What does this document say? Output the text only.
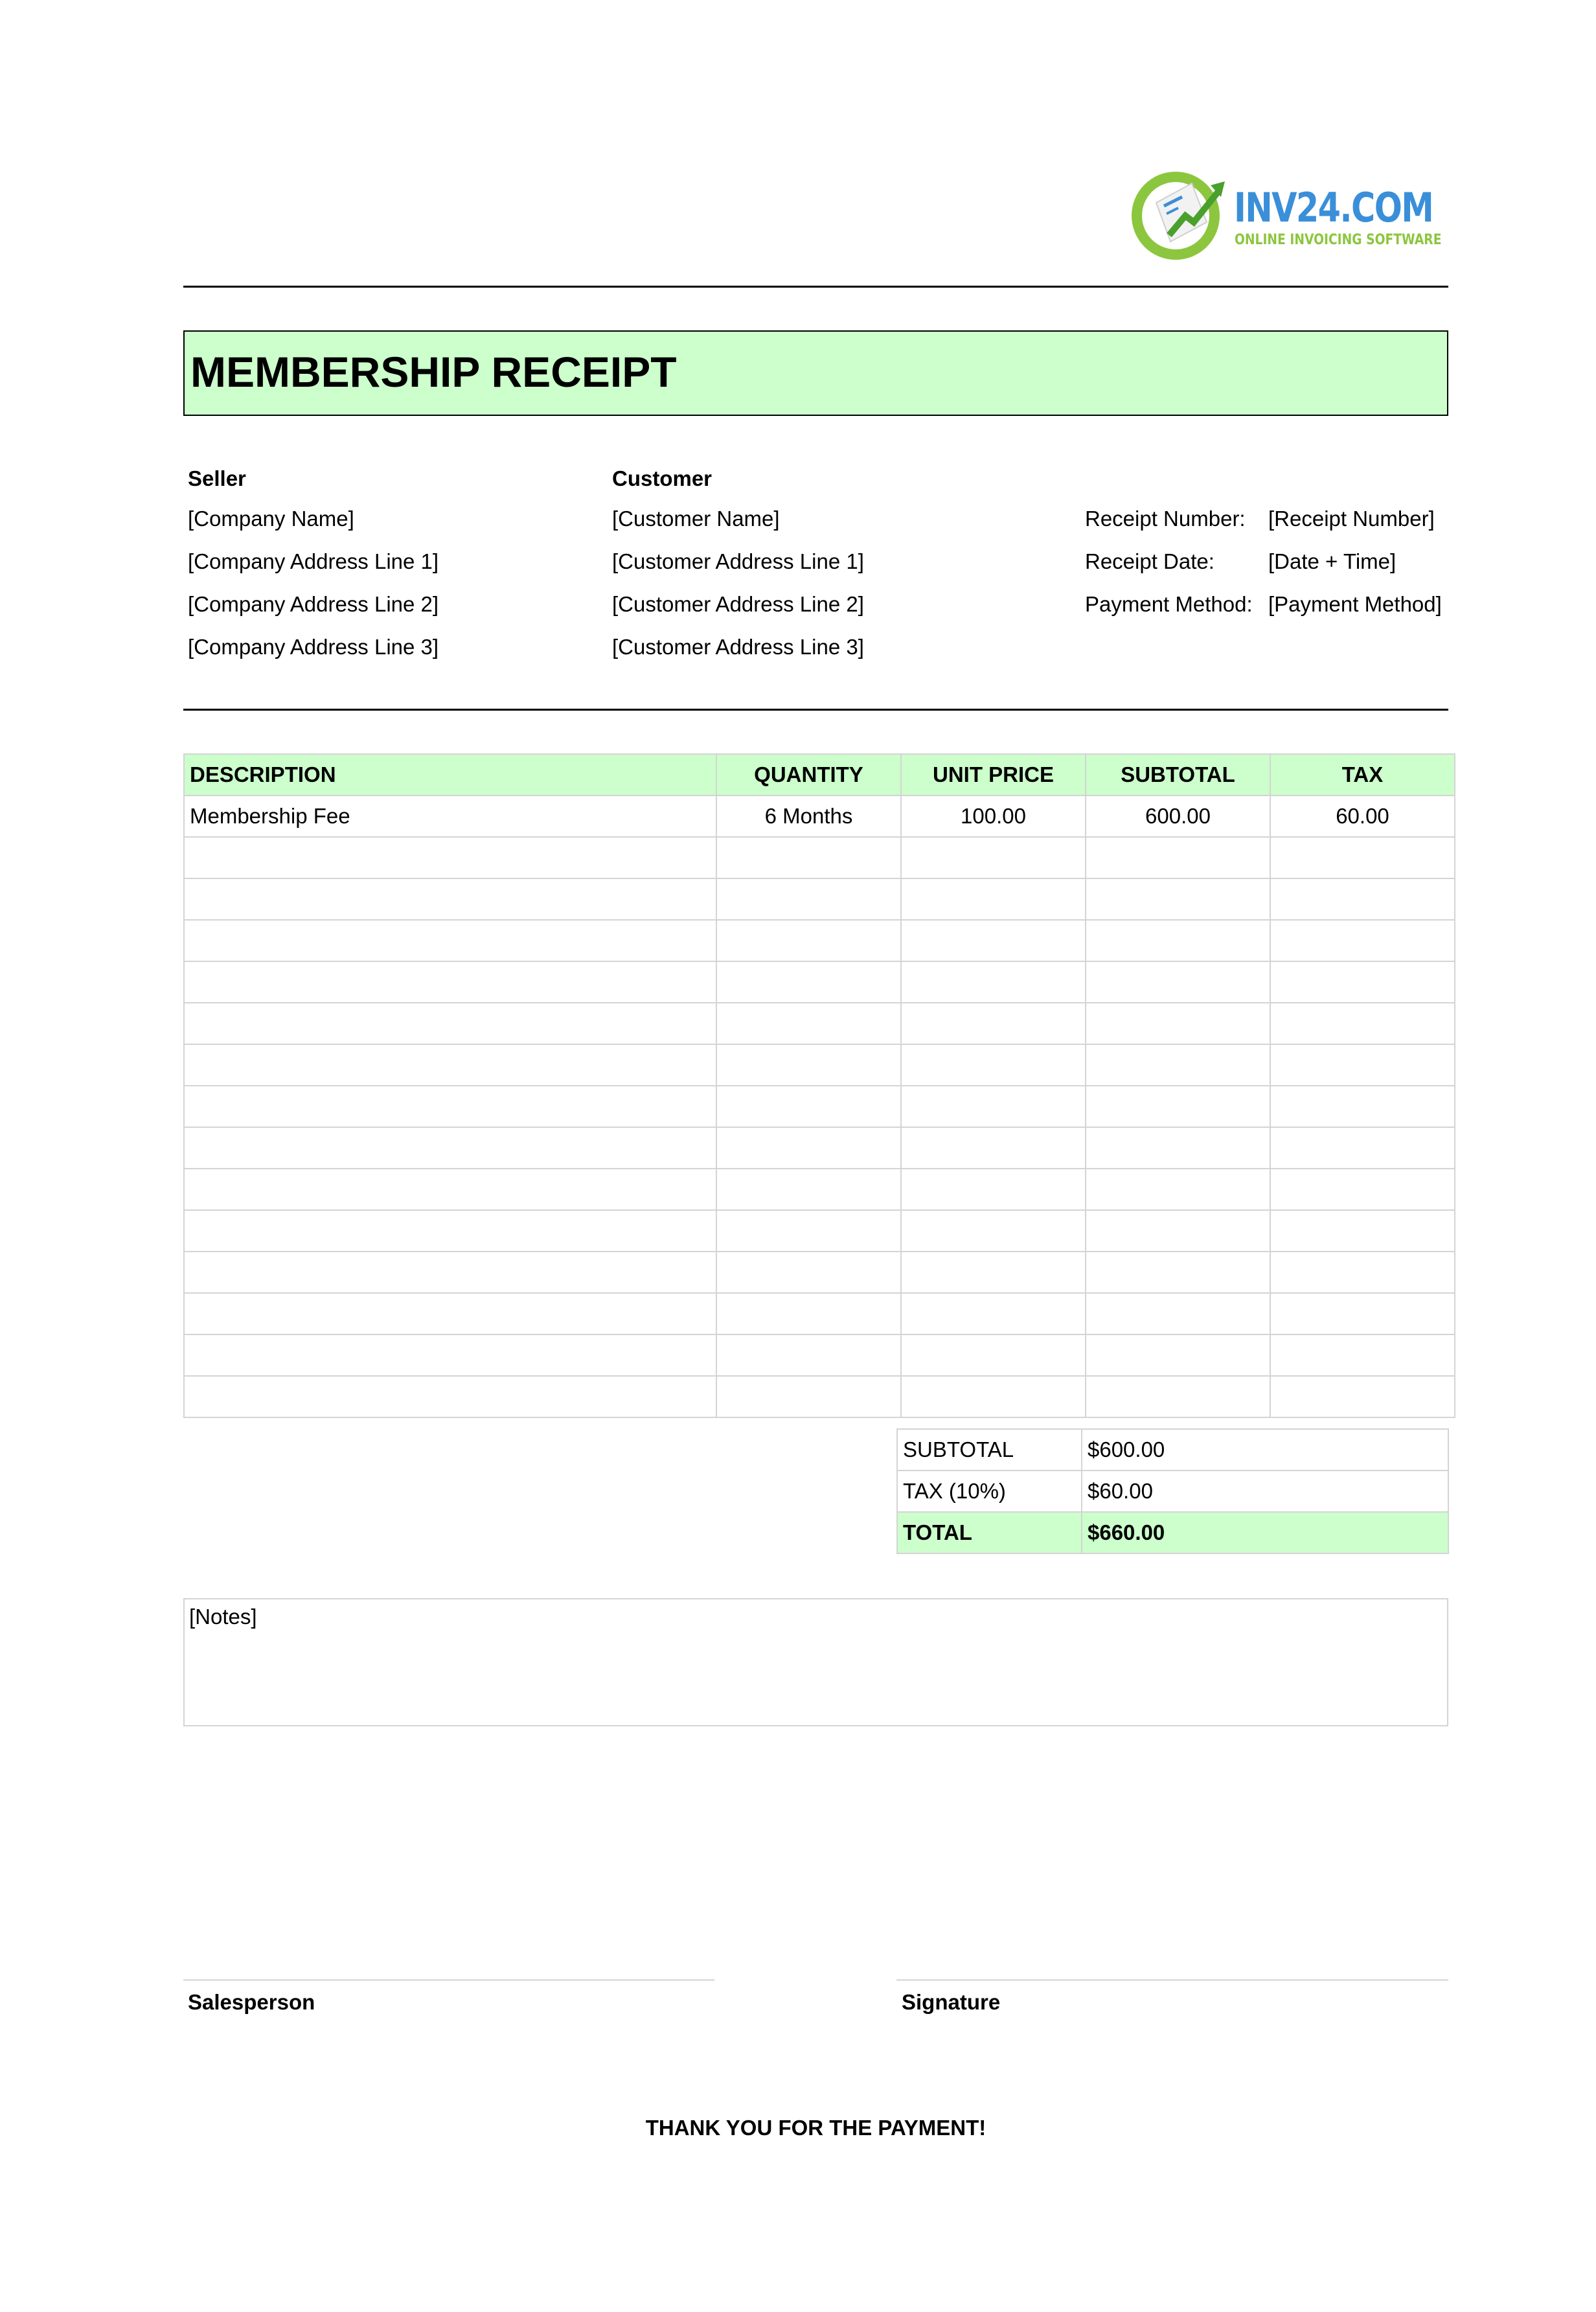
INV24.COM
ONLINE INVOICING SOFTWARE
MEMBERSHIP RECEIPT
Seller
[Company Name]
[Company Address Line 1]
[Company Address Line 2]
[Company Address Line 3]
Customer
[Customer Name]
[Customer Address Line 1]
[Customer Address Line 2]
[Customer Address Line 3]
Receipt Number: [Receipt Number]
Receipt Date:	[Date + Time]
Payment Method: [Payment Method]
DESCRIPTION	QUANTITY	UNIT PRICE	SUBTOTAL	TAX
Membership Fee	6 Months	100.00	600.00	60.00

SUBTOTAL	$600.00
TAX (10%)	$60.00
TOTAL	$660.00
[Notes]
Salesperson	Signature
THANK YOU FOR THE PAYMENT!
